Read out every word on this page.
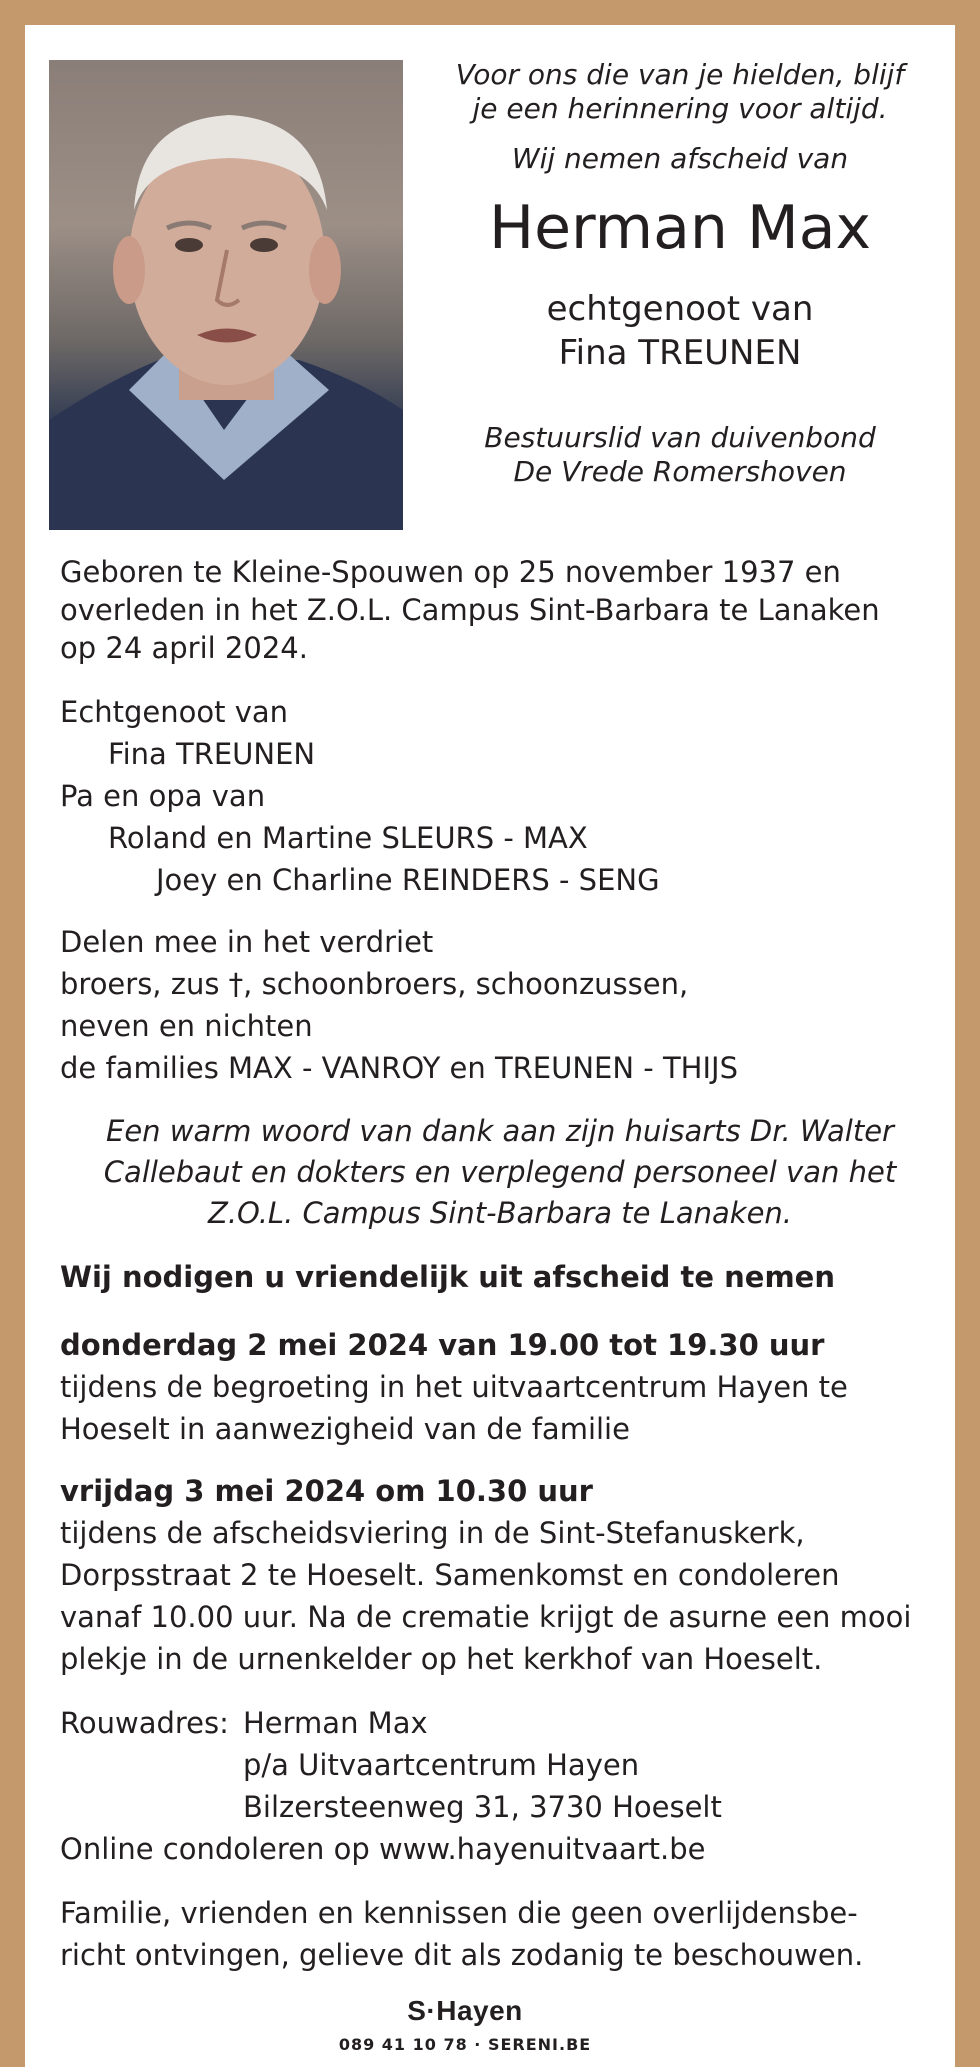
Voor ons die van je hielden, blijf
je een herinnering voor altijd.
Wij nemen afscheid van
Herman Max
echtgenoot van
Fina TREUNEN
Bestuurslid van duivenbond
De Vrede Romershoven
Geboren te Kleine-Spouwen op 25 november 1937 en
overleden in het Z.O.L. Campus Sint-Barbara te Lanaken
op 24 april 2024.
Echtgenoot van
Fina TREUNEN
Pa en opa van
Roland en Martine SLEURS - MAX
Joey en Charline REINDERS - SENG
Delen mee in het verdriet
broers, zus †, schoonbroers, schoonzussen,
neven en nichten
de families MAX - VANROY en TREUNEN - THIJS
Een warm woord van dank aan zijn huisarts Dr. Walter
Callebaut en dokters en verplegend personeel van het
Z.O.L. Campus Sint-Barbara te Lanaken.
Wij nodigen u vriendelijk uit afscheid te nemen
donderdag 2 mei 2024 van 19.00 tot 19.30 uur
tijdens de begroeting in het uitvaartcentrum Hayen te
Hoeselt in aanwezigheid van de familie
vrijdag 3 mei 2024 om 10.30 uur
tijdens de afscheidsviering in de Sint-Stefanuskerk,
Dorpsstraat 2 te Hoeselt. Samenkomst en condoleren
vanaf 10.00 uur. Na de crematie krijgt de asurne een mooi
plekje in de urnenkelder op het kerkhof van Hoeselt.
Rouwadres: Herman Max
p/a Uitvaartcentrum Hayen
Bilzersteenweg 31, 3730 Hoeselt
Online condoleren op www.hayenuitvaart.be
Familie, vrienden en kennissen die geen overlijdensbe-
richt ontvingen, gelieve dit als zodanig te beschouwen.
S·Hayen
089 41 10 78 · SERENI.BE
